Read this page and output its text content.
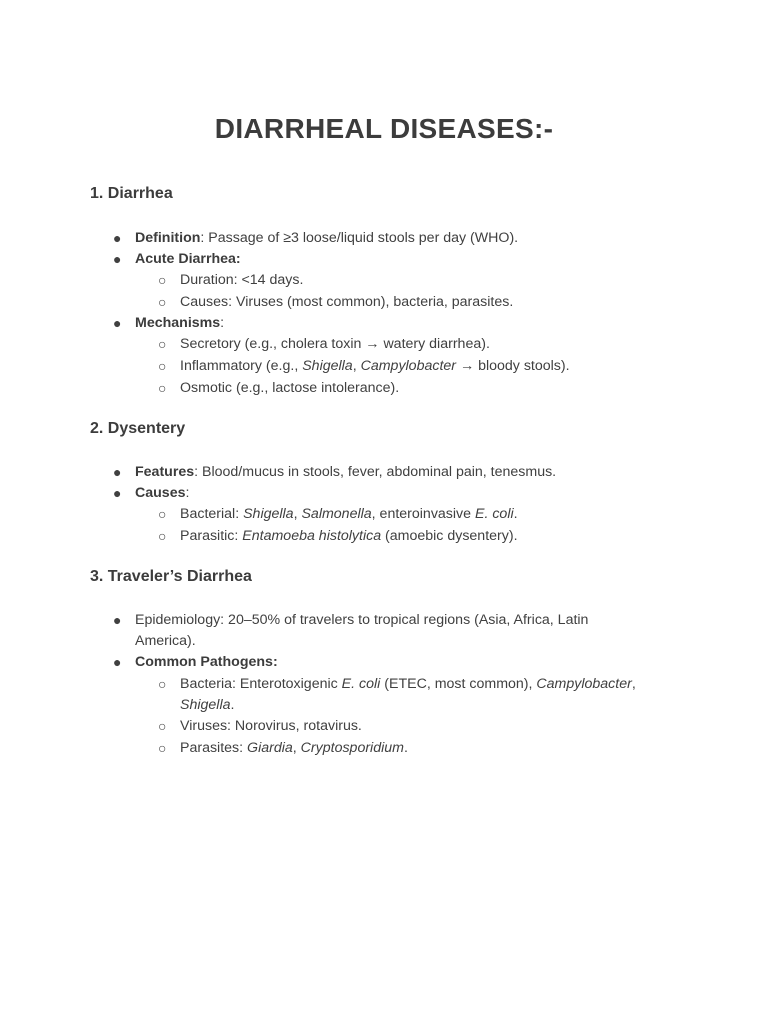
DIARRHEAL DISEASES:-
1. Diarrhea
● Definition: Passage of ≥3 loose/liquid stools per day (WHO).
● Acute Diarrhea:
○ Duration: <14 days.
○ Causes: Viruses (most common), bacteria, parasites.
● Mechanisms:
○ Secretory (e.g., cholera toxin → watery diarrhea).
○ Inflammatory (e.g., Shigella, Campylobacter → bloody stools).
○ Osmotic (e.g., lactose intolerance).
2. Dysentery
● Features: Blood/mucus in stools, fever, abdominal pain, tenesmus.
● Causes:
○ Bacterial: Shigella, Salmonella, enteroinvasive E. coli.
○ Parasitic: Entamoeba histolytica (amoebic dysentery).
3. Traveler’s Diarrhea
● Epidemiology: 20–50% of travelers to tropical regions (Asia, Africa, Latin
America).
● Common Pathogens:
○ Bacteria: Enterotoxigenic E. coli (ETEC, most common), Campylobacter,
Shigella.
○ Viruses: Norovirus, rotavirus.
○ Parasites: Giardia, Cryptosporidium.
